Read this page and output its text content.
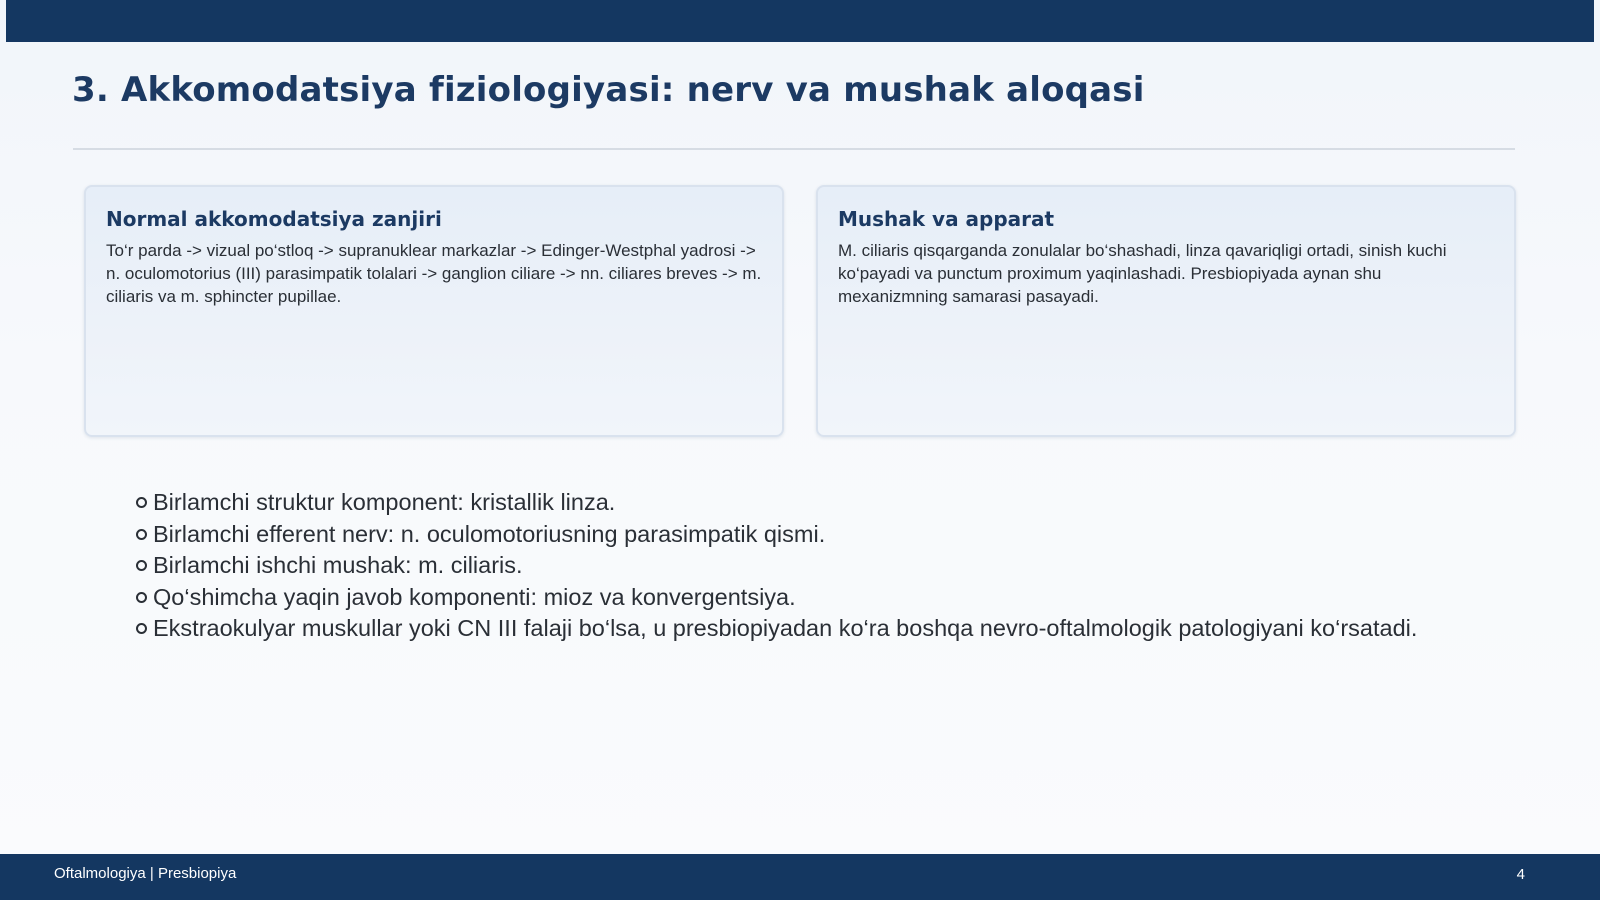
3. Akkomodatsiya fiziologiyasi: nerv va mushak aloqasi
Normal akkomodatsiya zanjiri

To‘r parda -> vizual po‘stloq -> supranuklear markazlar -> Edinger-Westphal yadrosi -> n. oculomotorius (III) parasimpatik tolalari -> ganglion ciliare -> nn. ciliares breves -> m. ciliaris va m. sphincter pupillae.

Mushak va apparat

M. ciliaris qisqarganda zonulalar bo‘shashadi, linza qavariqligi ortadi, sinish kuchi ko‘payadi va punctum proximum yaqinlashadi. Presbiopiyada aynan shu mexanizmning samarasi pasayadi.

Birlamchi struktur komponent: kristallik linza.
Birlamchi efferent nerv: n. oculomotoriusning parasimpatik qismi.
Birlamchi ishchi mushak: m. ciliaris.
Qo‘shimcha yaqin javob komponenti: mioz va konvergentsiya.
Ekstraokulyar muskullar yoki CN III falaji bo‘lsa, u presbiopiyadan ko‘ra boshqa nevro-oftalmologik patologiyani ko‘rsatadi.
Oftalmologiya | Presbiopiya	4
